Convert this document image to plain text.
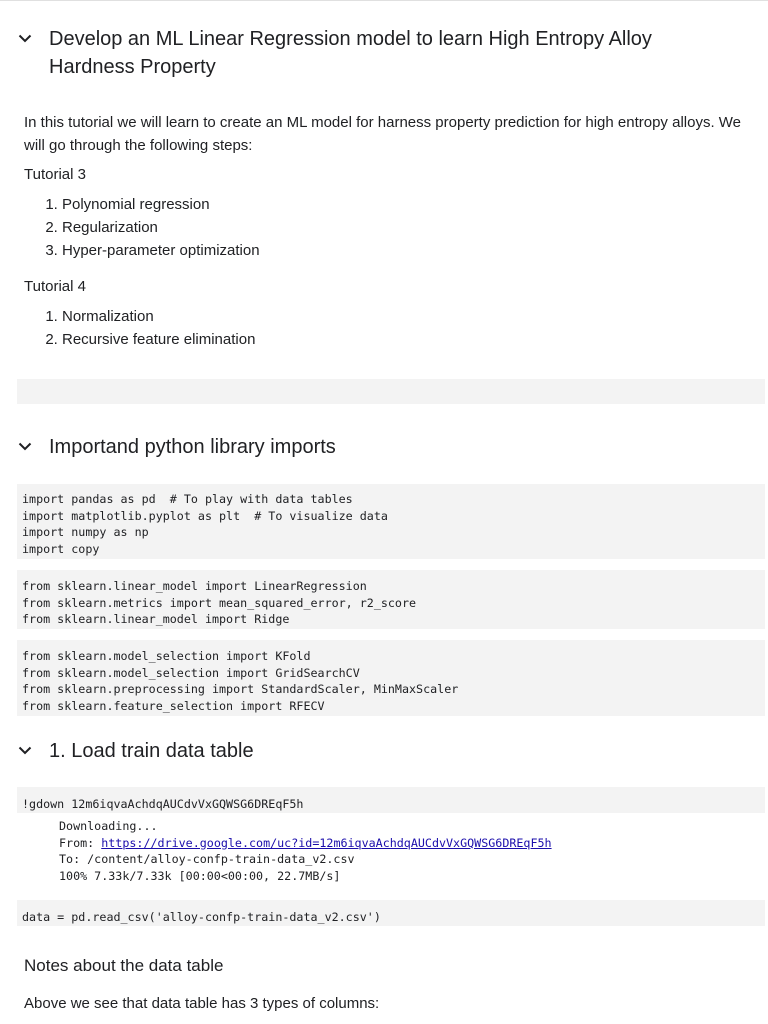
Develop an ML Linear Regression model to learn High Entropy Alloy Hardness Property
In this tutorial we will learn to create an ML model for harness property prediction for high entropy alloys. We will go through the following steps:
Tutorial 3
1. Polynomial regression
2. Regularization
3. Hyper-parameter optimization
Tutorial 4
1. Normalization
2. Recursive feature elimination
Importand python library imports
import pandas as pd  # To play with data tables
import matplotlib.pyplot as plt  # To visualize data
import numpy as np
import copy
from sklearn.linear_model import LinearRegression
from sklearn.metrics import mean_squared_error, r2_score
from sklearn.linear_model import Ridge
from sklearn.model_selection import KFold
from sklearn.model_selection import GridSearchCV
from sklearn.preprocessing import StandardScaler, MinMaxScaler
from sklearn.feature_selection import RFECV
1. Load train data table
!gdown 12m6iqvaAchdqAUCdvVxGQWSG6DREqF5h
Downloading...
From: https://drive.google.com/uc?id=12m6iqvaAchdqAUCdvVxGQWSG6DREqF5h
To: /content/alloy-confp-train-data_v2.csv
100% 7.33k/7.33k [00:00<00:00, 22.7MB/s]
data = pd.read_csv('alloy-confp-train-data_v2.csv')
Notes about the data table
Above we see that data table has 3 types of columns:
